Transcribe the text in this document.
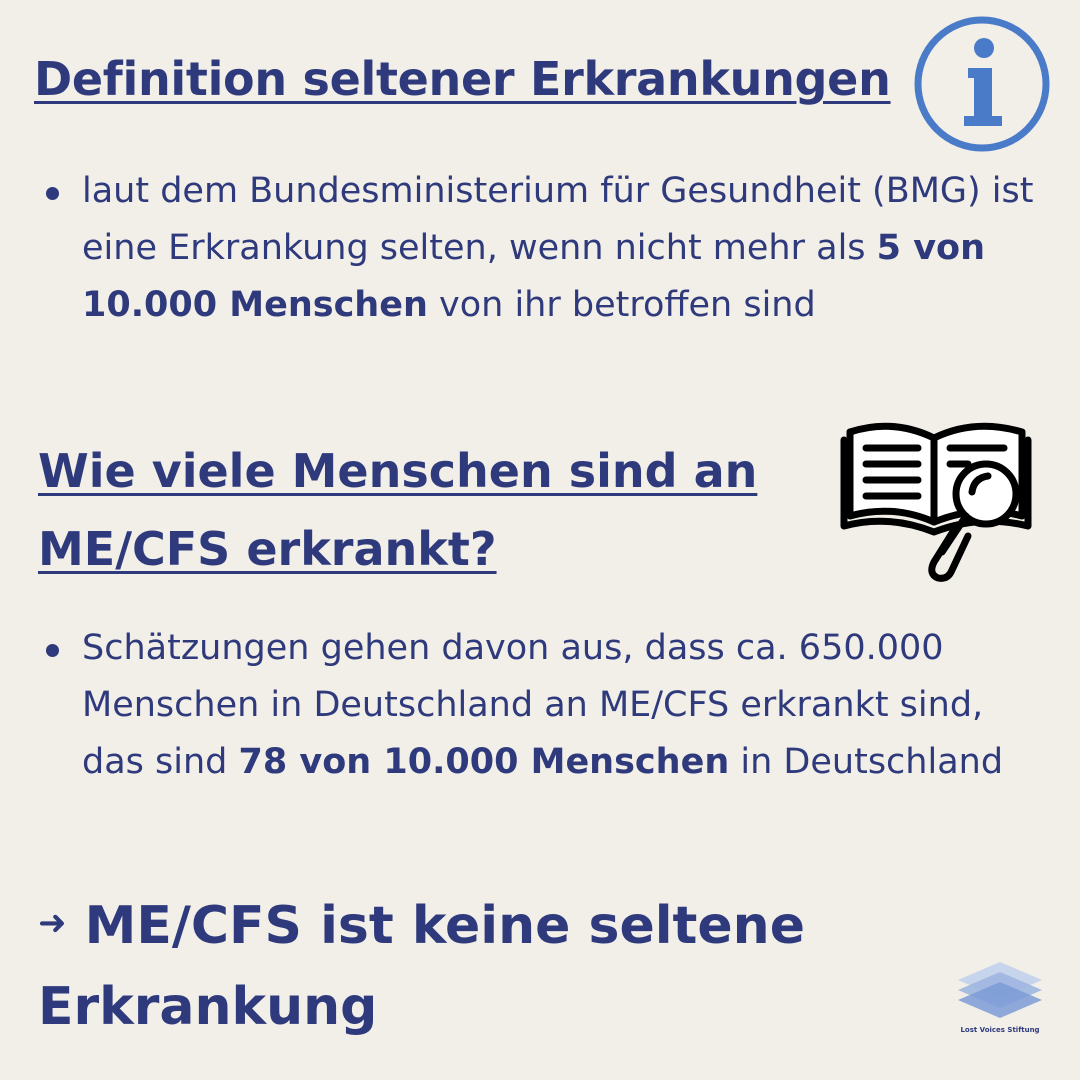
Definition seltener Erkrankungen
laut dem Bundesministerium für Gesundheit (BMG) ist eine Erkrankung selten, wenn nicht mehr als 5 von 10.000 Menschen von ihr betroffen sind
Wie viele Menschen sind an ME/CFS erkrankt?
Schätzungen gehen davon aus, dass ca. 650.000 Menschen in Deutschland an ME/CFS erkrankt sind, das sind 78 von 10.000 Menschen in Deutschland
➜ ME/CFS ist keine seltene Erkrankung	Lost Voices Stiftung
